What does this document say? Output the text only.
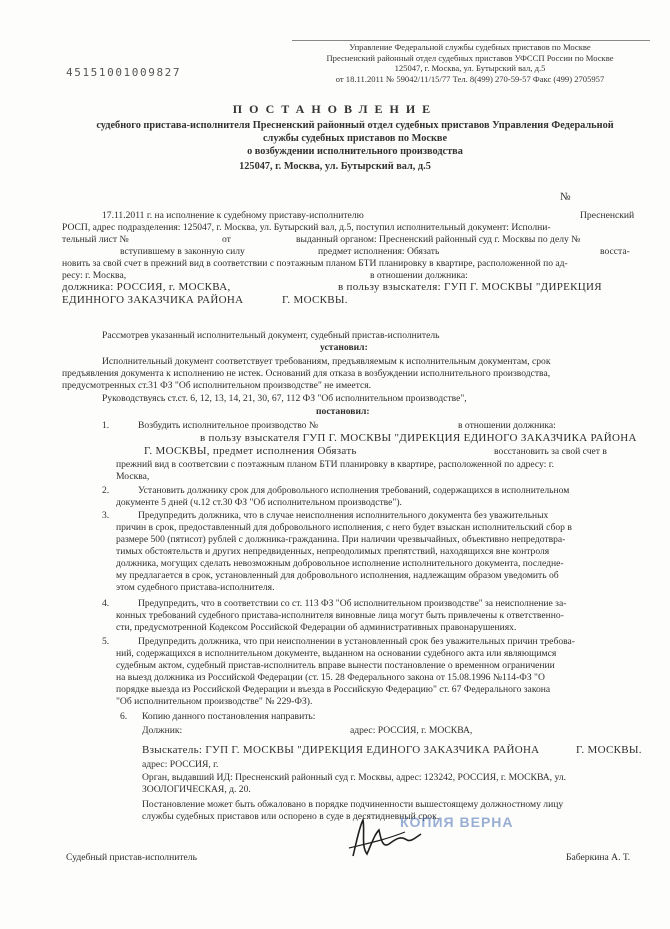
Управление Федеральной службы судебных приставов по Москве
Пресненский районный отдел судебных приставов УФССП России по Москве
125047, г. Москва, ул. Бутырский вал, д.5
от 18.11.2011 № 59042/11/15/77 Тел. 8(499) 270-59-57 Факс (499) 2705957
45151001009827
ПОСТАНОВЛЕНИЕ
судебного пристава-исполнителя Пресненский районный отдел судебных приставов Управления Федеральной
службы судебных приставов по Москве
о возбуждении исполнительного производства
125047, г. Москва, ул. Бутырский вал, д.5
№
17.11.2011 г. на исполнение к судебному приставу-исполнителю	Пресненский
РОСП, адрес подразделения: 125047, г. Москва, ул. Бутырский вал, д.5, поступил исполнительный документ: Исполни-
тельный лист №	от	выданный органом: Пресненский районный суд г. Москвы по делу №
вступившему в законную силу	предмет исполнения: Обязать	восста-
новить за свой счет в прежний вид в соответствии с поэтажным планом БТИ планировку в квартире, расположенной по ад-
ресу: г. Москва,	в отношении должника:
должника: РОССИЯ, г. МОСКВА,	в пользу взыскателя: ГУП Г. МОСКВЫ "ДИРЕКЦИЯ
ЕДИННОГО ЗАКАЗЧИКА РАЙОНА	Г. МОСКВЫ.
Рассмотрев указанный исполнительный документ, судебный пристав-исполнитель
установил:
Исполнительный документ соответствует требованиям, предъявляемым к исполнительным документам, срок
предъявления документа к исполнению не истек. Оснований для отказа в возбуждении исполнительного производства,
предусмотренных ст.31 ФЗ "Об исполнительном производстве" не имеется.
Руководствуясь ст.ст. 6, 12, 13, 14, 21, 30, 67, 112 ФЗ "Об исполнительном производстве",
постановил:
1.	Возбудить исполнительное производство №	в отношении должника:
в пользу взыскателя ГУП Г. МОСКВЫ "ДИРЕКЦИЯ ЕДИНОГО ЗАКАЗЧИКА РАЙОНА
Г. МОСКВЫ, предмет исполнения Обязать	восстановить за свой счет в
прежний вид в соответсвии с поэтажным планом БТИ планировку в квартире, расположенной по адресу: г.
Москва,
2.	Установить должнику срок для добровольного исполнения требований, содержащихся в исполнительном
документе 5 дней (ч.12 ст.30 ФЗ "Об исполнительном производстве").
3.	Предупредить должника, что в случае неисполнения исполнительного документа без уважительных
причин в срок, предоставленный для добровольного исполнения, с него будет взыскан исполнительский сбор в
размере 500 (пятисот) рублей с должника-гражданина. При наличии чрезвычайных, объективно непредотвра-
тимых обстоятельств и других непредвиденных, непреодолимых препятствий, находящихся вне контроля
должника, могущих сделать невозможным добровольное исполнение исполнительного документа, последне-
му предлагается в срок, установленный для добровольного исполнения, надлежащим образом уведомить об
этом судебного пристава-исполнителя.
4.	Предупредить, что в соответствии со ст. 113 ФЗ "Об исполнительном производстве" за неисполнение за-
конных требований судебного пристава-исполнителя виновные лица могут быть привлечены к ответственно-
сти, предусмотренной Кодексом Российской Федерации об административных правонарушениях.
5.	Предупредить должника, что при неисполнении в установленный срок без уважительных причин требова-
ний, содержащихся в исполнительном документе, выданном на основании судебного акта или являющимся
судебным актом, судебный пристав-исполнитель вправе вынести постановление о временном ограничении
на выезд должника из Российской Федерации (ст. 15. 28 Федерального закона от 15.08.1996 №114-ФЗ "О
порядке выезда из Российской Федерации и въезда в Российскую Федерацию" ст. 67 Федерального закона
"Об исполнительном производстве" № 229-ФЗ).
6. Копию данного постановления направить:
Должник:	адрес: РОССИЯ, г. МОСКВА,
Взыскатель: ГУП Г. МОСКВЫ "ДИРЕКЦИЯ ЕДИНОГО ЗАКАЗЧИКА РАЙОНА	Г. МОСКВЫ.
адрес: РОССИЯ, г.
Орган, выдавший ИД: Пресненский районный суд г. Москвы, адрес: 123242, РОССИЯ, г. МОСКВА, ул.
ЗООЛОГИЧЕСКАЯ, д. 20.
Постановление может быть обжаловано в порядке подчиненности вышестоящему должностному лицу
службы судебных приставов или оспорено в суде в десятидневный срок.
КОПИЯ ВЕРНА
Судебный пристав-исполнитель	Баберкина А. Т.
